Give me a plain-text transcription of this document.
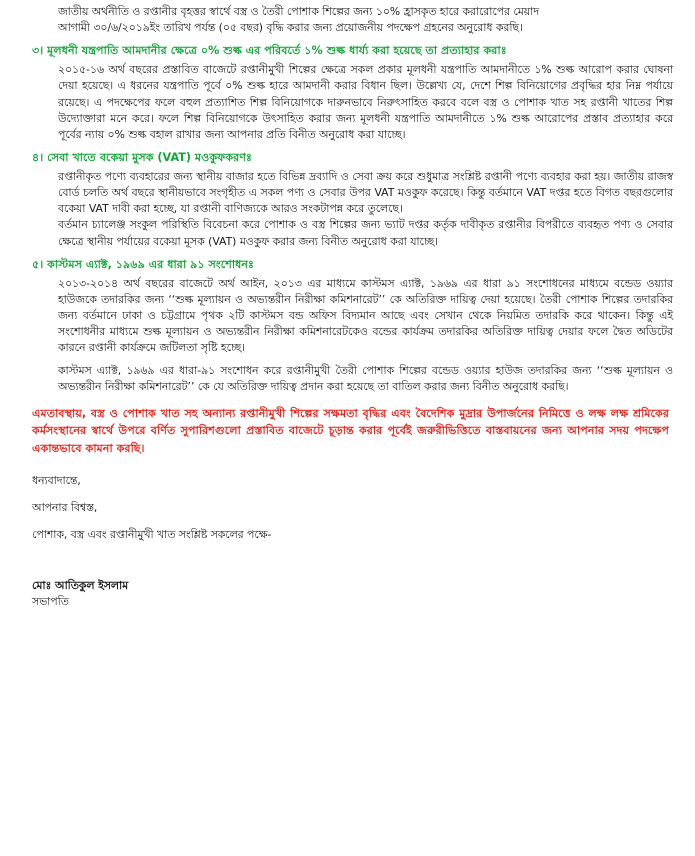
জাতীয় অর্থনীতি ও রপ্তানীর বৃহত্তর স্বার্থে বস্ত্র ও তৈরী পোশাক শিল্পের জন্য ১০% হ্রাসকৃত হারে করারোপের মেয়াদ

আগামী ৩০/৬/২০১৯ইং তারিখ পর্যন্ত (০৫ বছর) বৃদ্ধি করার জন্য প্রয়োজনীয় পদক্ষেপ গ্রহনের অনুরোধ করছি।

৩। মূলধনী যন্ত্রপাতি আমদানীর ক্ষেত্রে ০% শুল্ক এর পরিবর্তে ১% শুল্ক ধার্য্য করা হয়েছে তা প্রত্যাহার করাঃ

২০১৫-১৬ অর্থ বছরের প্রস্তাবিত বাজেটে রপ্তানীমুখী শিল্পের ক্ষেত্রে সকল প্রকার মূলধনী যন্ত্রপাতি আমদানীতে ১% শুল্ক আরোপ করার ঘোষনা দেয়া হয়েছে। এ ধরনের যন্ত্রপাতি পূর্বে ০% শুল্ক হারে আমদানী করার বিধান ছিল। উল্লেখ্য যে, দেশে শিল্প বিনিয়োগের প্রবৃদ্ধির হার নিম্ন পর্যায়ে রয়েছে। এ পদক্ষেপের ফলে বহুল প্রত্যাশিত শিল্প বিনিয়োগকে দারুনভাবে নিরুৎসাহিত করবে বলে বস্ত্র ও পোশাক খাত সহ রপ্তানী খাতের শিল্প উদ্যোক্তারা মনে করে। ফলে শিল্প বিনিয়োগকে উৎসাহিত করার জন্য মূলধনী যন্ত্রপাতি আমদানীতে ১% শুল্ক আরোপের প্রস্তাব প্রত্যাহার করে পূর্বের ন্যায় ০% শুল্ক বহাল রাখার জন্য আপনার প্রতি বিনীত অনুরোধ করা যাচ্ছে।

৪। সেবা খাতে বকেয়া মুসক (VAT) মওকুফকরণঃ

রপ্তানীকৃত পণ্যে ব্যবহারের জন্য স্থানীয় বাজার হতে বিভিন্ন দ্রব্যাদি ও সেবা ক্রয় করে শুধুমাত্র সংশ্লিষ্ট রপ্তানী পণ্যে ব্যবহার করা হয়। জাতীয় রাজস্ব বোর্ড চলতি অর্থ বছরে স্থানীয়ভাবে সংগৃহীত এ সকল পণ্য ও সেবার উপর VAT মওকুফ করেছে। কিন্তু বর্তমানে VAT দপ্তর হতে বিগত বছরগুলোর বকেয়া VAT দাবী করা হচ্ছে, যা রপ্তানী বাণিজ্যকে আরও সংকটাপন্ন করে তুলেছে।

বর্তমান চ্যালেঞ্জ সংকুল পরিস্থিতি বিবেচনা করে পোশাক ও বস্ত্র শিল্পের জন্য ভ্যাট দপ্তর কর্তৃক দাবীকৃত রপ্তানীর বিপরীতে ব্যবহৃত পণ্য ও সেবার ক্ষেত্রে স্থানীয় পর্যায়ের বকেয়া মূসক (VAT) মওকুফ করার জন্য বিনীত অনুরোধ করা যাচ্ছে।

৫। কাস্টমস এ্যাক্ট, ১৯৬৯ এর ধারা ৯১ সংশোধনঃ

২০১৩-২০১৪ অর্থ বছরের বাজেটে অর্থ আইন, ২০১৩ এর মাধ্যমে কাস্টমস এ্যাক্ট, ১৯৬৯ এর ধারা ৯১ সংশোধনের মাধ্যমে বন্ডেড ওয়্যার হাউজকে তদারকির জন্য ‘‘শুল্ক মূল্যায়ন ও অভ্যন্তরীন নিরীক্ষা কমিশনারেট’’ কে অতিরিক্ত দায়িত্ব দেয়া হয়েছে। তৈরী পোশাক শিল্পের তদারকির জন্য বর্তমানে ঢাকা ও চট্টগ্রামে পৃথক ২টি কাস্টমস বন্ড অফিস বিদ্যমান আছে এবং সেখান থেকে নিয়মিত তদারকি করে থাকেন। কিন্তু এই সংশোধনীর মাধ্যমে শুল্ক মূল্যায়ন ও অভ্যন্তরীন নিরীক্ষা কমিশনারেটকেও বন্ডের কার্যক্রম তদারকির অতিরিক্ত দায়িত্ব দেয়ার ফলে দ্বৈত অডিটের কারনে রপ্তানী কার্যক্রমে জটিলতা সৃষ্টি হচ্ছে।

কাস্টমস এ্যাক্ট, ১৯৬৯ এর ধারা-৯১ সংশোধন করে রপ্তানীমুখী তৈরী পোশাক শিল্পের বন্ডেড ওয়্যার হাউজ তদারকির জন্য ‘‘শুল্ক মূল্যায়ন ও অভ্যন্তরীন নিরীক্ষা কমিশনারেট’’ কে যে অতিরিক্ত দায়িত্ব প্রদান করা হয়েছে তা বাতিল করার জন্য বিনীত অনুরোধ করছি।

এমতাবস্থায়, বস্ত্র ও পোশাক খাত সহ অন্যান্য রপ্তানীমুখী শিল্পের সক্ষমতা বৃদ্ধির এবং বৈদেশিক মুদ্রার উপার্জনের নিমিত্তে ও লক্ষ লক্ষ শ্রমিকের কর্মসংস্থানের স্বার্থে উপরে বর্ণিত সুপারিশগুলো প্রস্তাবিত বাজেটে চূড়ান্ত করার পূর্বেই জরুরীভিত্তিতে বাস্তবায়নের জন্য আপনার সদয় পদক্ষেপ একান্তভাবে কামনা করছি।

ধন্যবাদান্তে,

আপনার বিশ্বস্ত,

পোশাক, বস্ত্র এবং রপ্তানীমুখী খাত সংশ্লিষ্ট সকলের পক্ষে-

মোঃ আতিকুল ইসলাম

সভাপতি
